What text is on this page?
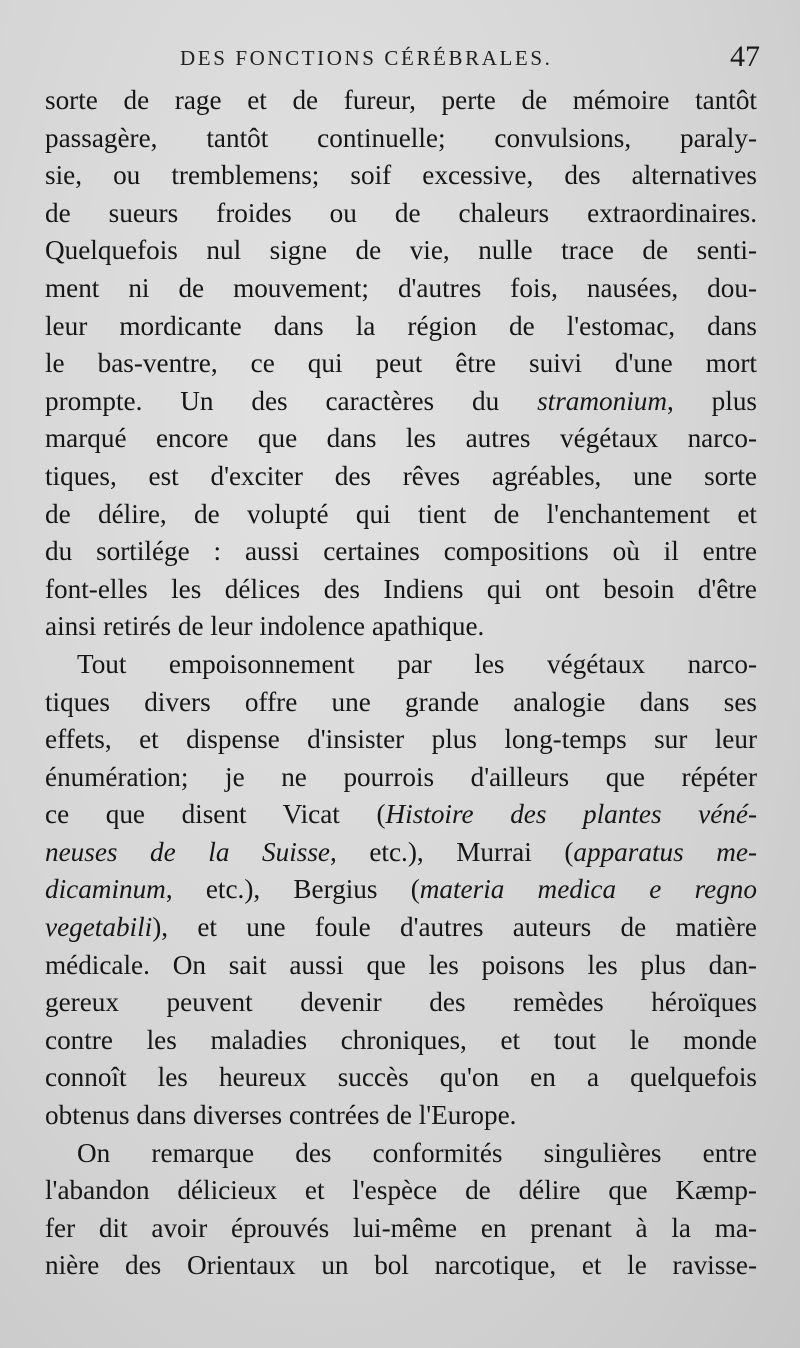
DES FONCTIONS CÉRÉBRALES.	47
sorte de rage et de fureur, perte de mémoire tantôt
passagère, tantôt continuelle; convulsions, paraly-
sie, ou tremblemens; soif excessive, des alternatives
de sueurs froides ou de chaleurs extraordinaires.
Quelquefois nul signe de vie, nulle trace de senti-
ment ni de mouvement; d'autres fois, nausées, dou-
leur mordicante dans la région de l'estomac, dans
le bas-ventre, ce qui peut être suivi d'une mort
prompte. Un des caractères du stramonium, plus
marqué encore que dans les autres végétaux narco-
tiques, est d'exciter des rêves agréables, une sorte
de délire, de volupté qui tient de l'enchantement et
du sortilége : aussi certaines compositions où il entre
font-elles les délices des Indiens qui ont besoin d'être
ainsi retirés de leur indolence apathique.
Tout empoisonnement par les végétaux narco-
tiques divers offre une grande analogie dans ses
effets, et dispense d'insister plus long-temps sur leur
énumération; je ne pourrois d'ailleurs que répéter
ce que disent Vicat (Histoire des plantes véné-
neuses de la Suisse, etc.), Murrai (apparatus me-
dicaminum, etc.), Bergius (materia medica e regno
vegetabili), et une foule d'autres auteurs de matière
médicale. On sait aussi que les poisons les plus dan-
gereux peuvent devenir des remèdes héroïques
contre les maladies chroniques, et tout le monde
connoît les heureux succès qu'on en a quelquefois
obtenus dans diverses contrées de l'Europe.
On remarque des conformités singulières entre
l'abandon délicieux et l'espèce de délire que Kæmp-
fer dit avoir éprouvés lui-même en prenant à la ma-
nière des Orientaux un bol narcotique, et le ravisse-
